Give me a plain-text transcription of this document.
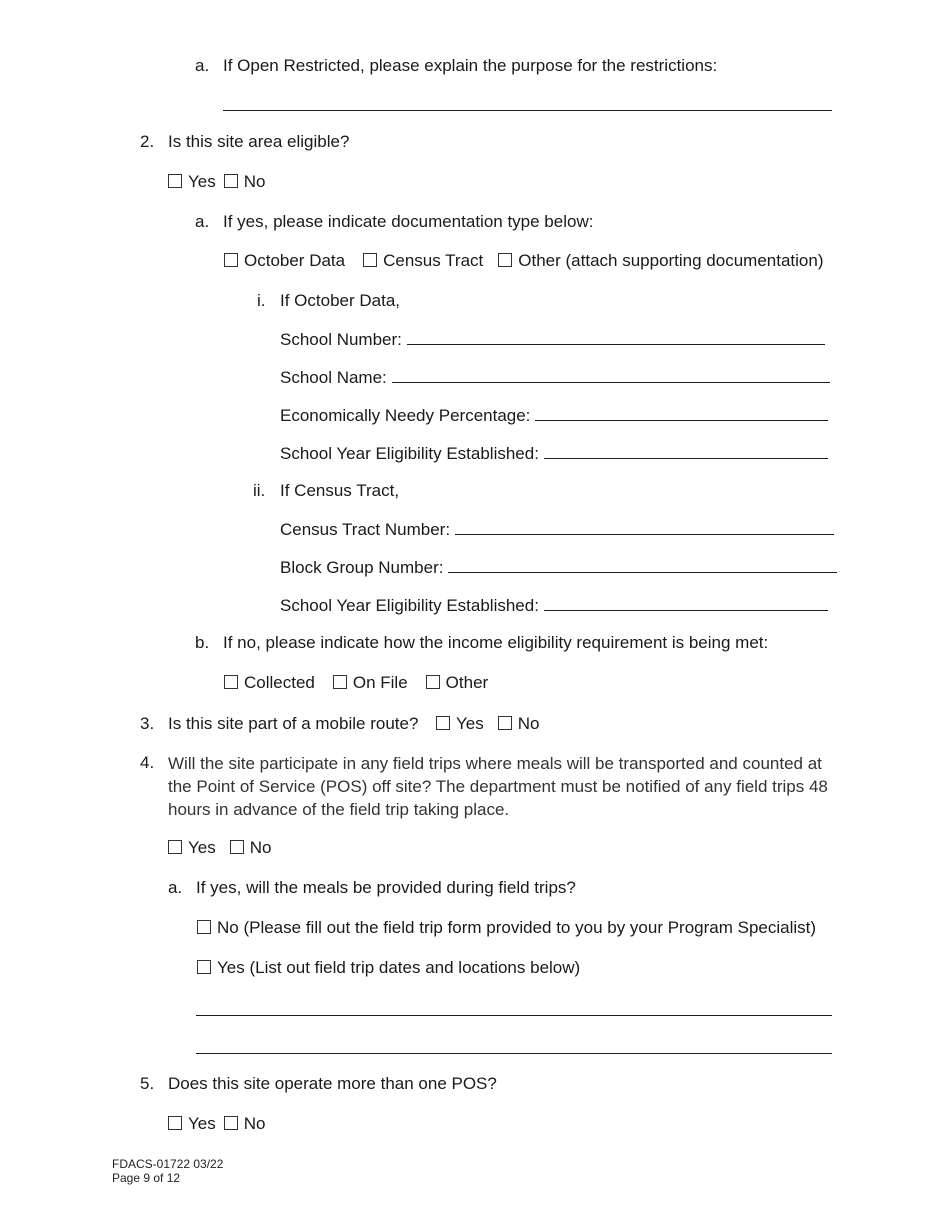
a. If Open Restricted, please explain the purpose for the restrictions:
2. Is this site area eligible?
Yes No
a. If yes, please indicate documentation type below:
October Data Census Tract Other (attach supporting documentation)
i. If October Data,
School Number:
School Name:
Economically Needy Percentage:
School Year Eligibility Established:
ii. If Census Tract,
Census Tract Number:
Block Group Number:
School Year Eligibility Established:
b. If no, please indicate how the income eligibility requirement is being met:
Collected On File Other
3. Is this site part of a mobile route?	Yes No
4. Will the site participate in any field trips where meals will be transported and counted at the Point of Service (POS) off site? The department must be notified of any field trips 48 hours in advance of the field trip taking place.
Yes No
a. If yes, will the meals be provided during field trips?
No (Please fill out the field trip form provided to you by your Program Specialist)
Yes (List out field trip dates and locations below)
5. Does this site operate more than one POS?
Yes No
FDACS-01722 03/22
Page 9 of 12
